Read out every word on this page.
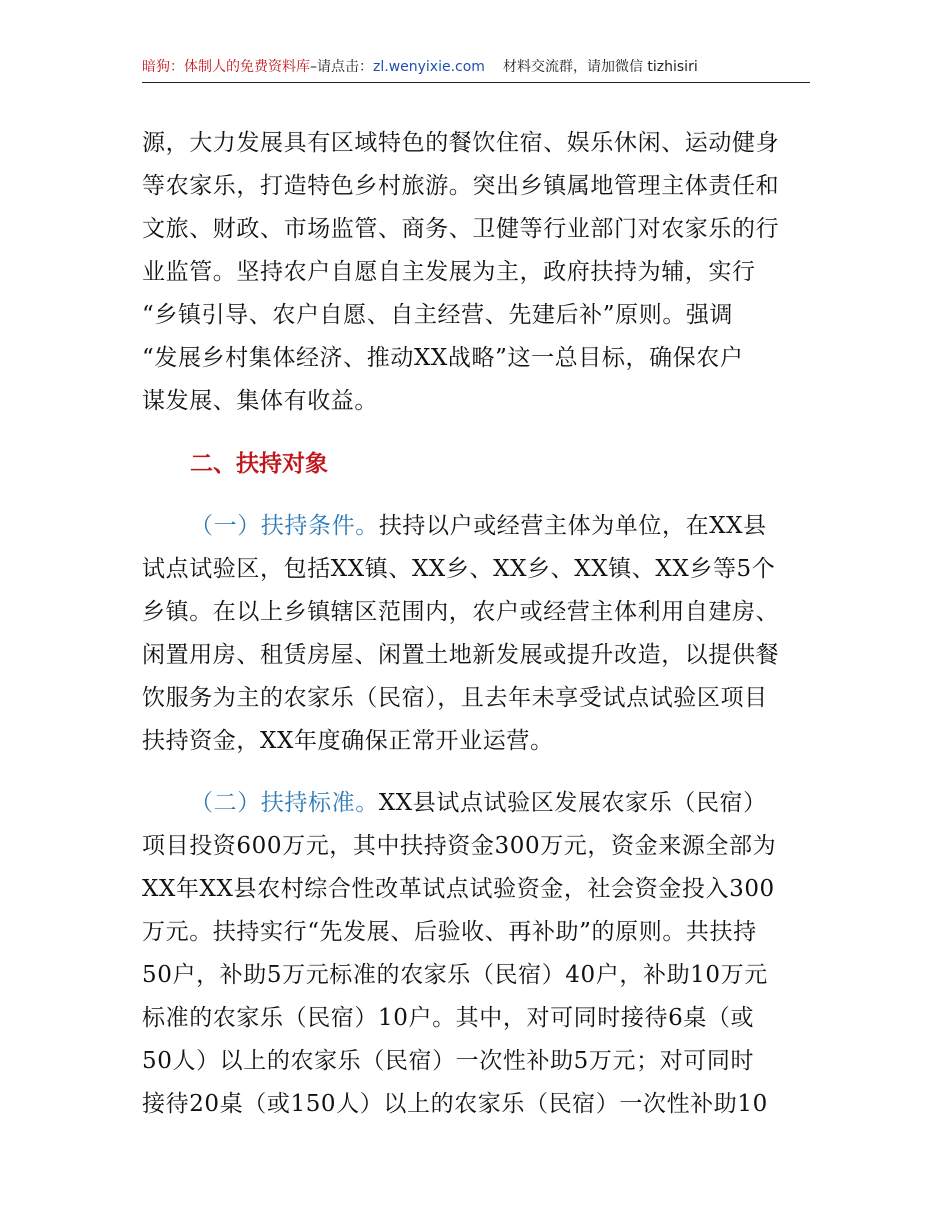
暗狗：体制人的免费资料库–请点击：zl.wenyixie.com 材料交流群，请加微信 tizhisiri
源，大力发展具有区域特色的餐饮住宿、娱乐休闲、运动健身
等农家乐，打造特色乡村旅游。突出乡镇属地管理主体责任和
文旅、财政、市场监管、商务、卫健等行业部门对农家乐的行
业监管。坚持农户自愿自主发展为主，政府扶持为辅，实行
“乡镇引导、农户自愿、自主经营、先建后补”原则。强调
“发展乡村集体经济、推动XX战略”这一总目标，确保农户
谋发展、集体有收益。
二、扶持对象
（一）扶持条件。扶持以户或经营主体为单位，在XX县
试点试验区，包括XX镇、XX乡、XX乡、XX镇、XX乡等5个
乡镇。在以上乡镇辖区范围内，农户或经营主体利用自建房、
闲置用房、租赁房屋、闲置土地新发展或提升改造，以提供餐
饮服务为主的农家乐（民宿），且去年未享受试点试验区项目
扶持资金，XX年度确保正常开业运营。
（二）扶持标准。XX县试点试验区发展农家乐（民宿）
项目投资600万元，其中扶持资金300万元，资金来源全部为
XX年XX县农村综合性改革试点试验资金，社会资金投入300
万元。扶持实行“先发展、后验收、再补助”的原则。共扶持
50户，补助5万元标准的农家乐（民宿）40户，补助10万元
标准的农家乐（民宿）10户。其中，对可同时接待6桌（或
50人）以上的农家乐（民宿）一次性补助5万元；对可同时
接待20桌（或150人）以上的农家乐（民宿）一次性补助10
